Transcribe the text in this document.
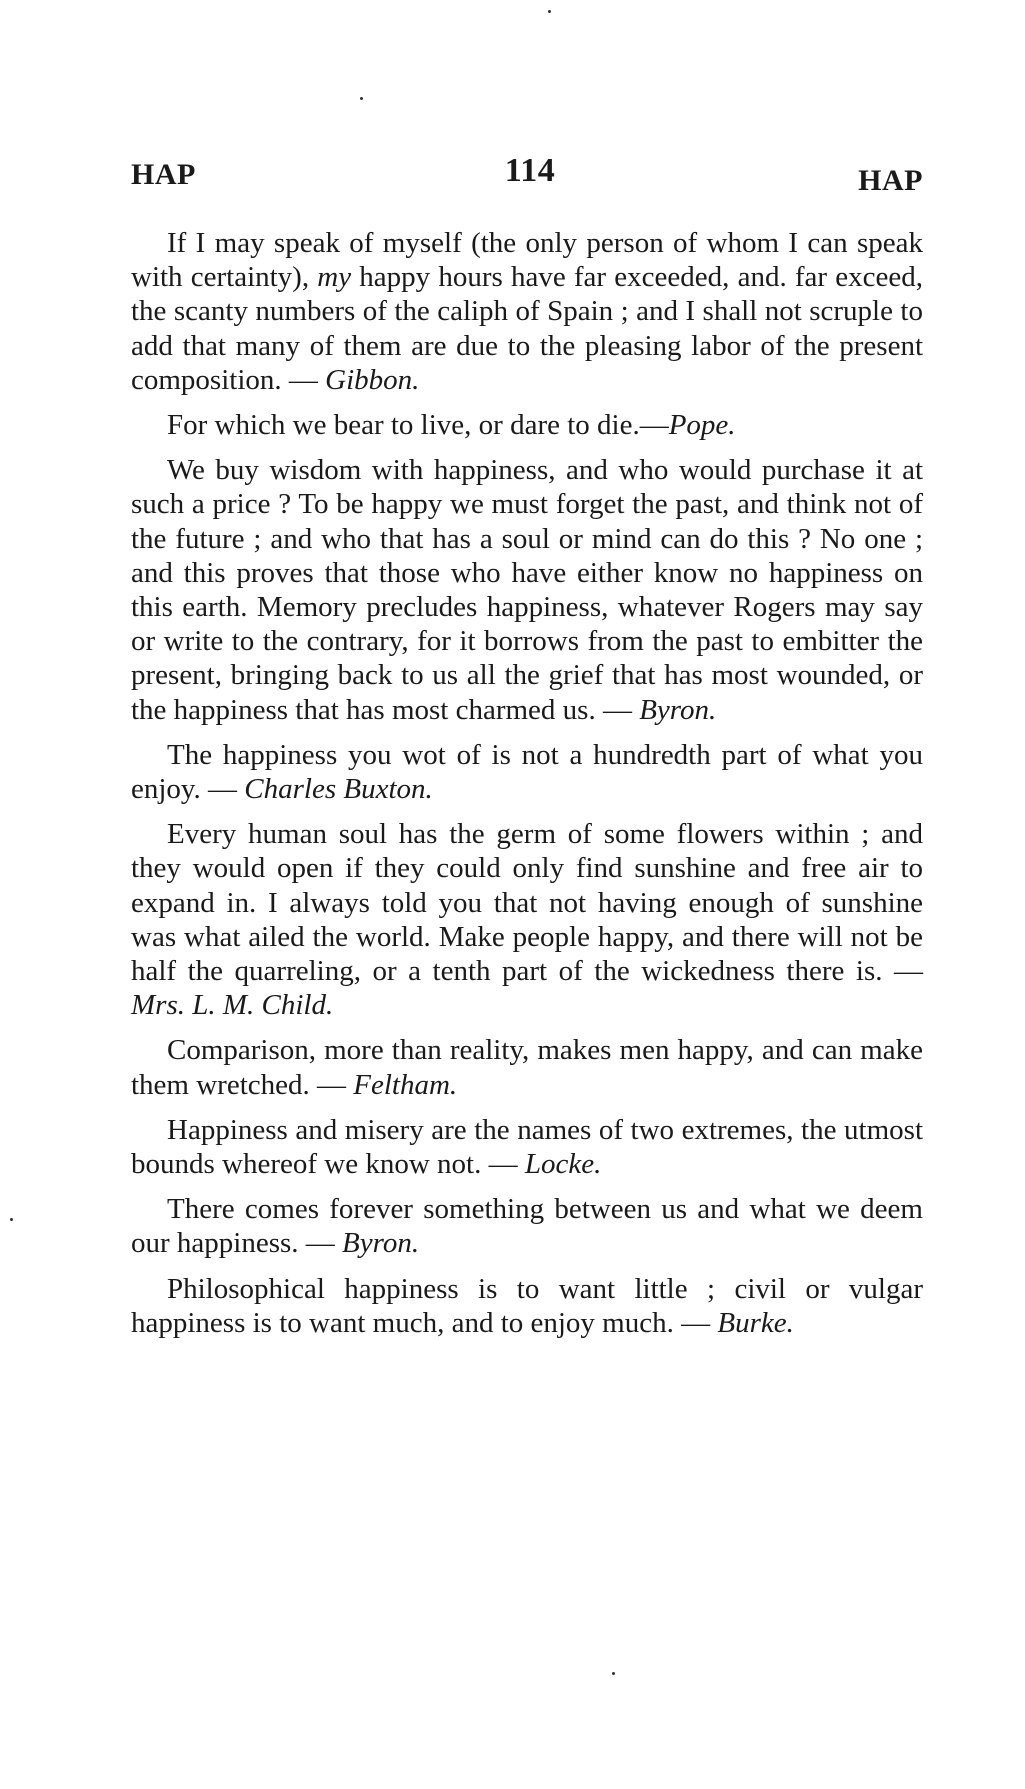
HAP	114	HAP

If I may speak of myself (the only person of whom I can speak with certainty), my happy hours have far exceeded, and. far exceed, the scanty numbers of the caliph of Spain ; and I shall not scruple to add that many of them are due to the pleasing labor of the present composition. — Gibbon.

For which we bear to live, or dare to die.—Pope.

We buy wisdom with happiness, and who would purchase it at such a price ? To be happy we must forget the past, and think not of the future ; and who that has a soul or mind can do this ? No one ; and this proves that those who have either know no happiness on this earth. Memory precludes happiness, whatever Rogers may say or write to the contrary, for it borrows from the past to embitter the present, bringing back to us all the grief that has most wounded, or the happiness that has most charmed us. — Byron.

The happiness you wot of is not a hundredth part of what you enjoy. — Charles Buxton.

Every human soul has the germ of some flowers within ; and they would open if they could only find sunshine and free air to expand in. I always told you that not having enough of sunshine was what ailed the world. Make people happy, and there will not be half the quarreling, or a tenth part of the wickedness there is. — Mrs. L. M. Child.

Comparison, more than reality, makes men happy, and can make them wretched. — Feltham.

Happiness and misery are the names of two extremes, the utmost bounds whereof we know not. — Locke.

There comes forever something between us and what we deem our happiness. — Byron.

Philosophical happiness is to want little ; civil or vulgar happiness is to want much, and to enjoy much. — Burke.
